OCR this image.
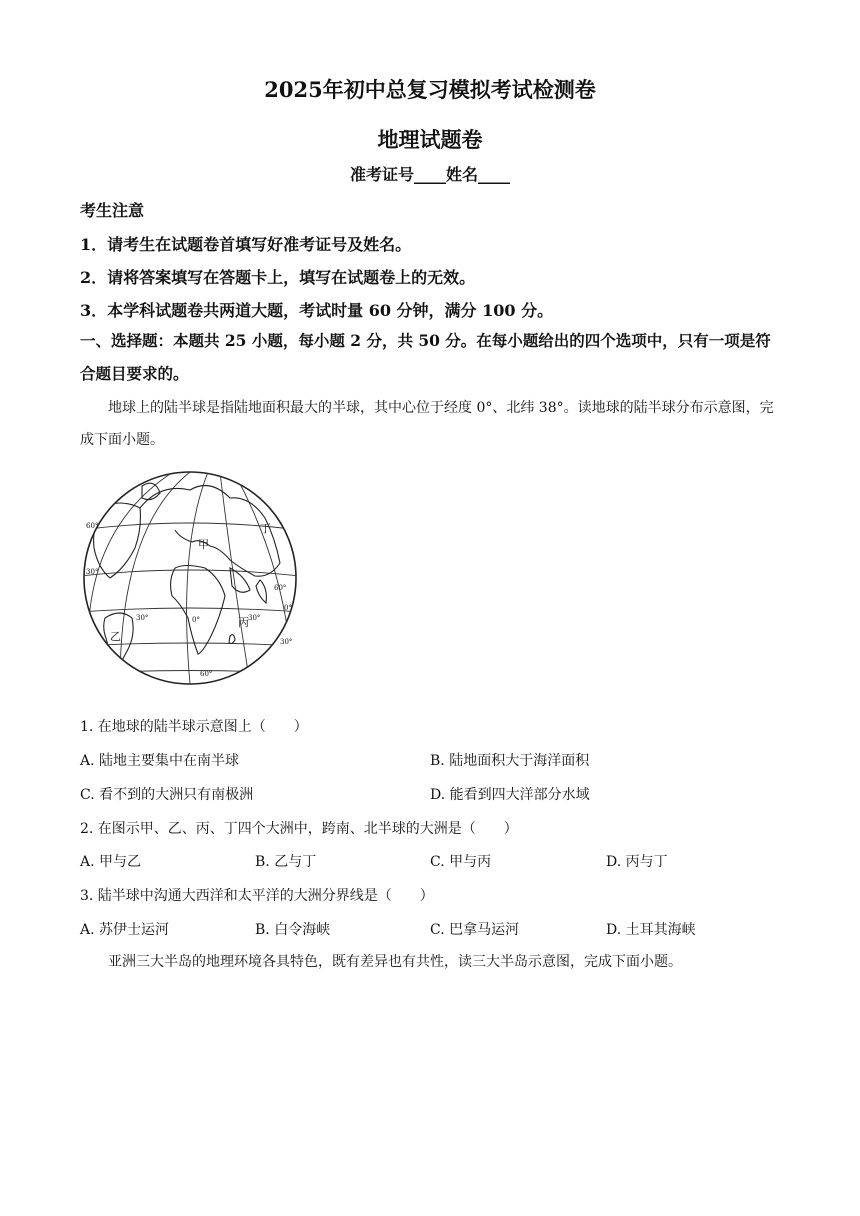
2025年初中总复习模拟考试检测卷
地理试题卷
准考证号____姓名____
考生注意
1．请考生在试题卷首填写好准考证号及姓名。
2．请将答案填写在答题卡上，填写在试题卷上的无效。
3．本学科试题卷共两道大题，考试时量 60 分钟，满分 100 分。
一、选择题：本题共 25 小题，每小题 2 分，共 50 分。在每小题给出的四个选项中，只有一项是符合题目要求的。
地球上的陆半球是指陆地面积最大的半球，其中心位于经度 0°、北纬 38°。读地球的陆半球分布示意图，完成下面小题。
甲
乙
丙
丁
60°
30°
0°
30°
60°
30°	0°	30°
60°
1. 在地球的陆半球示意图上（　　）
A. 陆地主要集中在南半球	B. 陆地面积大于海洋面积
C. 看不到的大洲只有南极洲	D. 能看到四大洋部分水域
2. 在图示甲、乙、丙、丁四个大洲中，跨南、北半球的大洲是（　　）
A. 甲与乙	B. 乙与丁	C. 甲与丙	D. 丙与丁
3. 陆半球中沟通大西洋和太平洋的大洲分界线是（　　）
A. 苏伊士运河	B. 白令海峡	C. 巴拿马运河	D. 土耳其海峡
亚洲三大半岛的地理环境各具特色，既有差异也有共性，读三大半岛示意图，完成下面小题。
